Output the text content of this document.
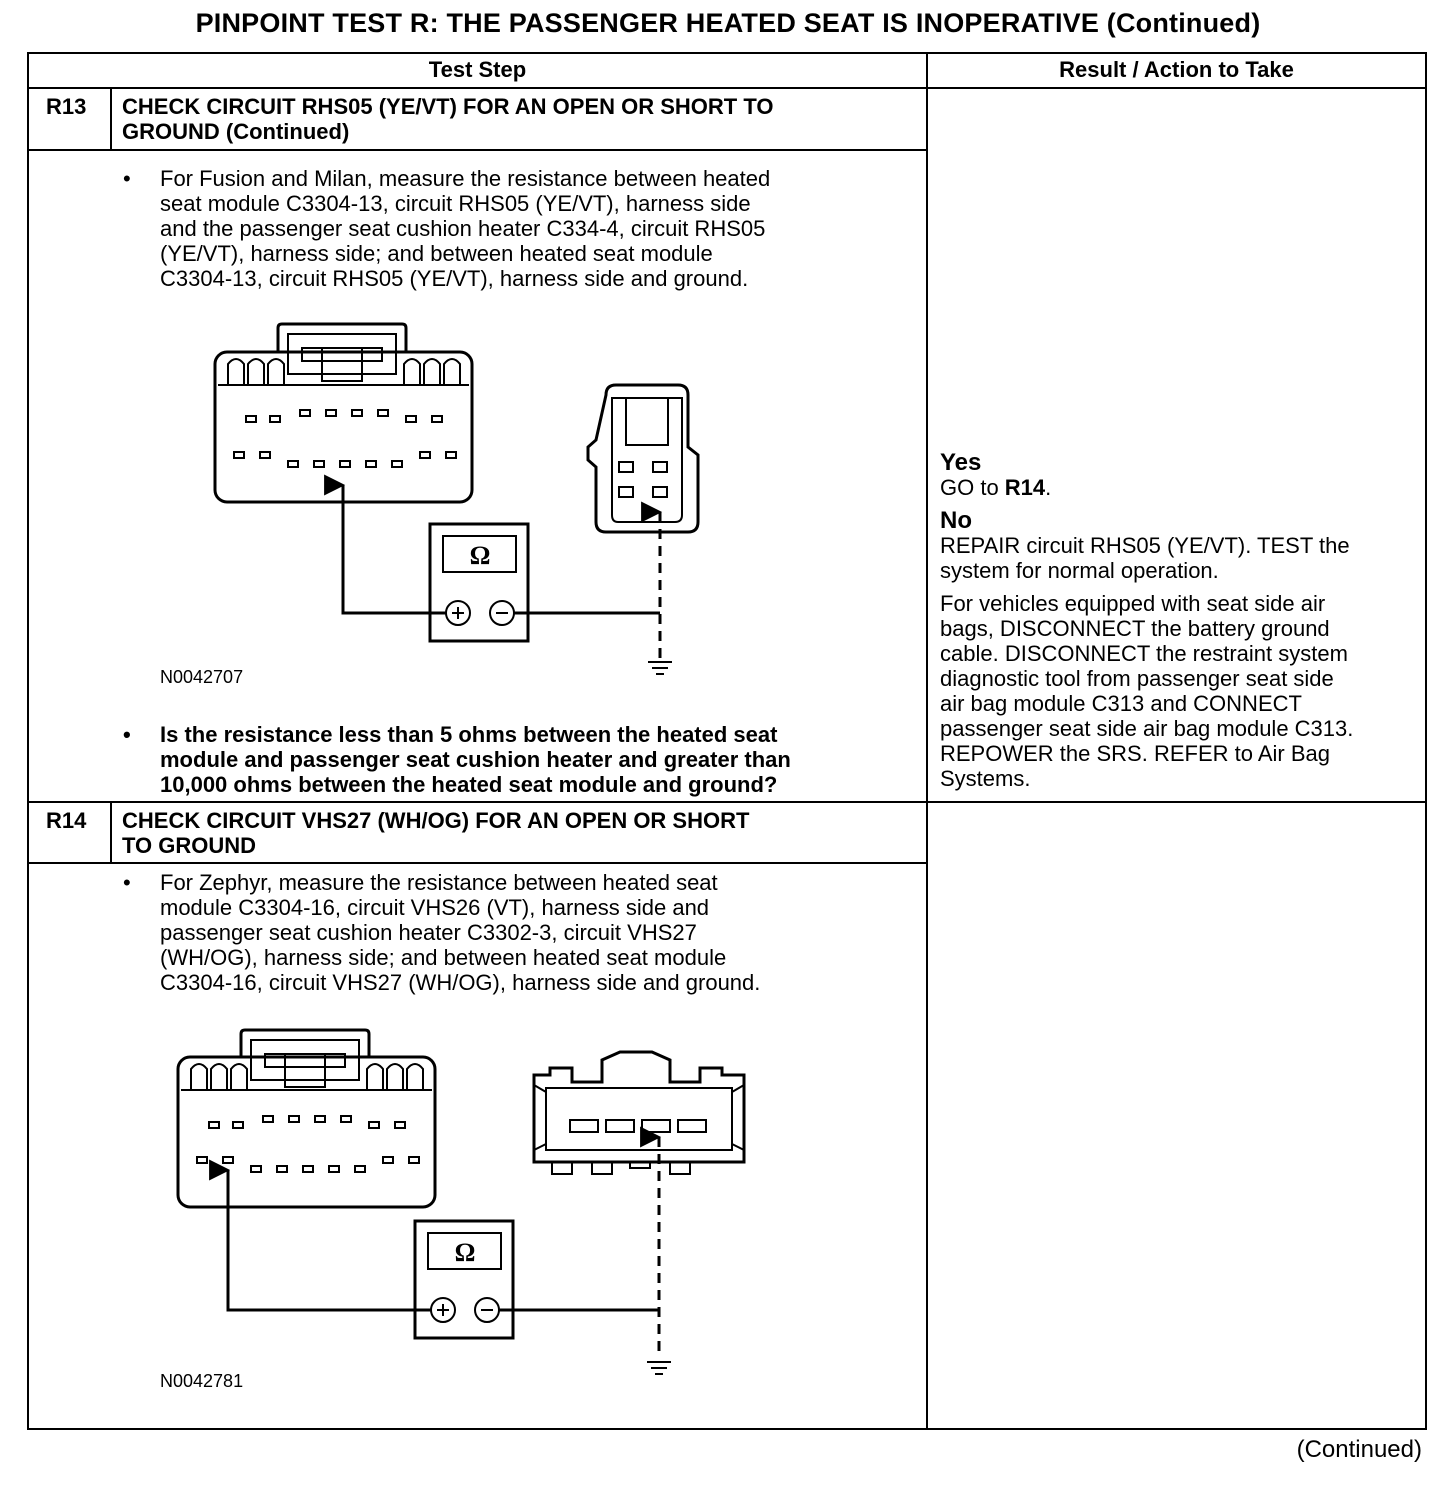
PINPOINT TEST R: THE PASSENGER HEATED SEAT IS INOPERATIVE (Continued)
Test Step	Result / Action to Take
R13 CHECK CIRCUIT RHS05 (YE/VT) FOR AN OPEN OR SHORT TO
GROUND (Continued)
• For Fusion and Milan, measure the resistance between heated
seat module C3304-13, circuit RHS05 (YE/VT), harness side
and the passenger seat cushion heater C334-4, circuit RHS05
(YE/VT), harness side; and between heated seat module
C3304-13, circuit RHS05 (YE/VT), harness side and ground.
N0042707
• Is the resistance less than 5 ohms between the heated seat
module and passenger seat cushion heater and greater than
10,000 ohms between the heated seat module and ground?
Yes
GO to R14.
No
REPAIR circuit RHS05 (YE/VT). TEST the
system for normal operation.
For vehicles equipped with seat side air
bags, DISCONNECT the battery ground
cable. DISCONNECT the restraint system
diagnostic tool from passenger seat side
air bag module C313 and CONNECT
passenger seat side air bag module C313.
REPOWER the SRS. REFER to Air Bag
Systems.
R14 CHECK CIRCUIT VHS27 (WH/OG) FOR AN OPEN OR SHORT
TO GROUND
• For Zephyr, measure the resistance between heated seat
module C3304-16, circuit VHS26 (VT), harness side and
passenger seat cushion heater C3302-3, circuit VHS27
(WH/OG), harness side; and between heated seat module
C3304-16, circuit VHS27 (WH/OG), harness side and ground.
N0042781
(Continued)
Ω
Ω
